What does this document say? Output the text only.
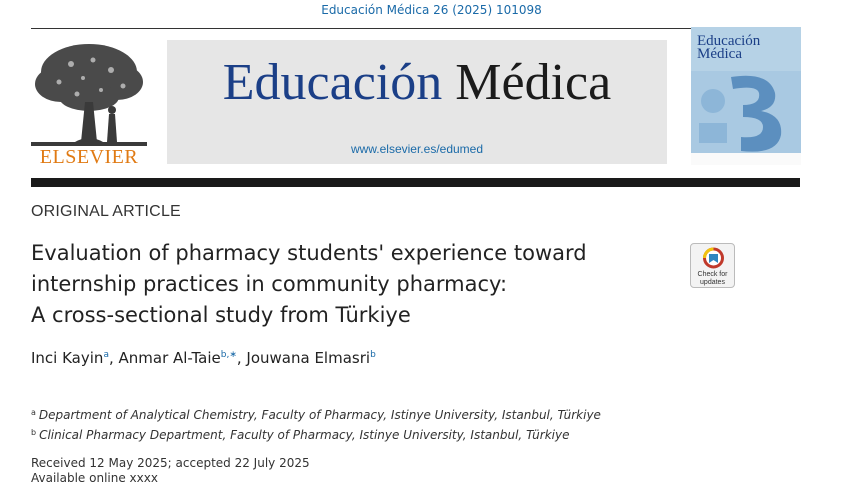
Educación Médica 26 (2025) 101098
ELSEVIER
Educación Médica
www.elsevier.es/edumed
Educación
Médica
ORIGINAL ARTICLE
Evaluation of pharmacy students' experience toward
internship practices in community pharmacy:
A cross-sectional study from Türkiye
Check for updates
Inci Kayin$^a$, Anmar Al-Taie$^{b,∗}$, Jouwana Elmasri$^b$
$^a$ Department of Analytical Chemistry, Faculty of Pharmacy, Istinye University, Istanbul, Türkiye
$^b$ Clinical Pharmacy Department, Faculty of Pharmacy, Istinye University, Istanbul, Türkiye
Received 12 May 2025; accepted 22 July 2025
Available online xxxx
